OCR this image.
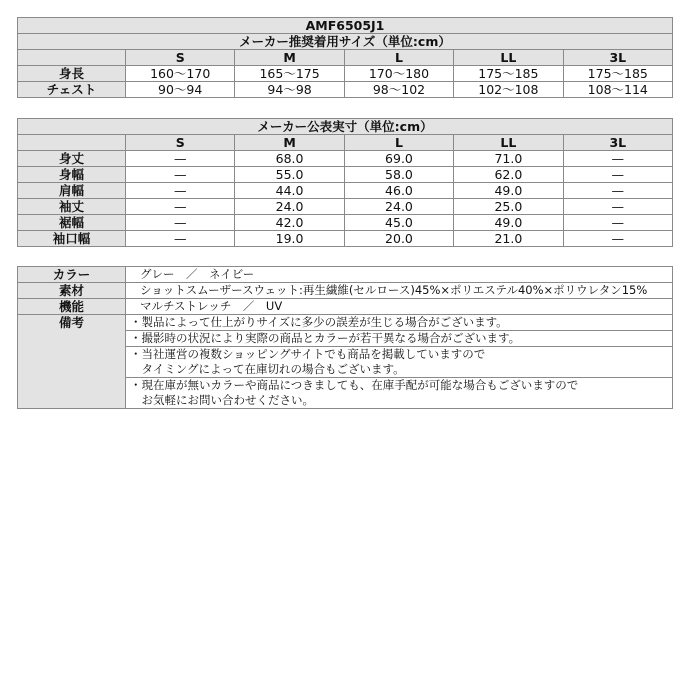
AMF6505J1					
メーカー推奨着用サイズ（単位:cm）					
	S	M	L	LL	3L
身長	160～170	165～175	170～180	175～185	175～185
チェスト	90～94	94～98	98～102	102～108	108～114
メーカー公表実寸（単位:cm）					
	S	M	L	LL	3L
身丈	—	68.0	69.0	71.0	—
身幅	—	55.0	58.0	62.0	—
肩幅	—	44.0	46.0	49.0	—
袖丈	—	24.0	24.0	25.0	—
裾幅	—	42.0	45.0	49.0	—
袖口幅	—	19.0	20.0	21.0	—
カラー	グレー　／　ネイビー
素材	ショットスムーザースウェット:再生繊維(セルロース)45%×ポリエステル40%×ポリウレタン15%
機能	マルチストレッチ　／　UV
備考	・製品によって仕上がりサイズに多少の誤差が生じる場合がございます。

	・撮影時の状況により実際の商品とカラーが若干異なる場合がございます。

	・当社運営の複数ショッピングサイトでも商品を掲載していますので
　タイミングによって在庫切れの場合もございます。

	・現在庫が無いカラーや商品につきましても、在庫手配が可能な場合もございますので
　お気軽にお問い合わせください。
